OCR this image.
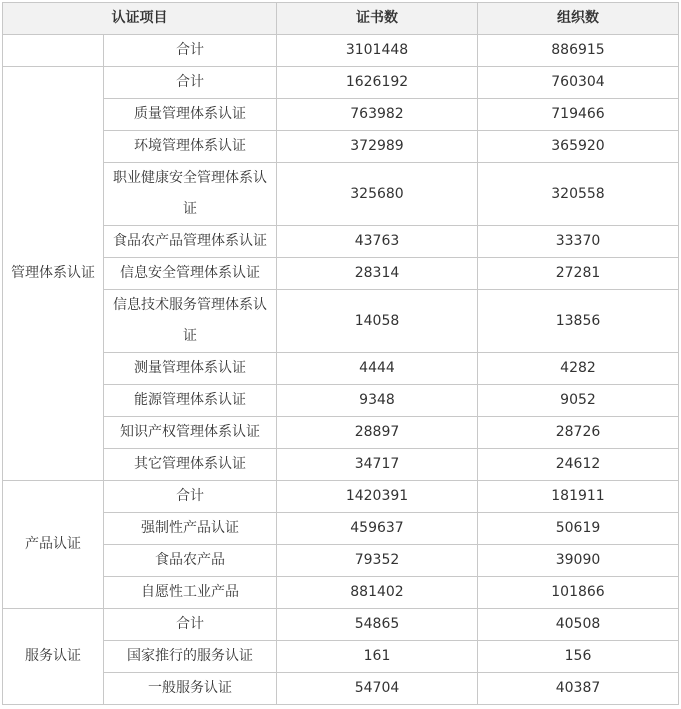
认证项目		证书数	组织数
	合计	3101448	886915
管理体系认证	合计	1626192	760304
	质量管理体系认证	763982	719466
	环境管理体系认证	372989	365920
	职业健康安全管理体系认证	325680	320558
	食品农产品管理体系认证	43763	33370
	信息安全管理体系认证	28314	27281
	信息技术服务管理体系认证	14058	13856
	测量管理体系认证	4444	4282
	能源管理体系认证	9348	9052
	知识产权管理体系认证	28897	28726
	其它管理体系认证	34717	24612
产品认证	合计	1420391	181911
	强制性产品认证	459637	50619
	食品农产品	79352	39090
	自愿性工业产品	881402	101866
服务认证	合计	54865	40508
	国家推行的服务认证	161	156
	一般服务认证	54704	40387
